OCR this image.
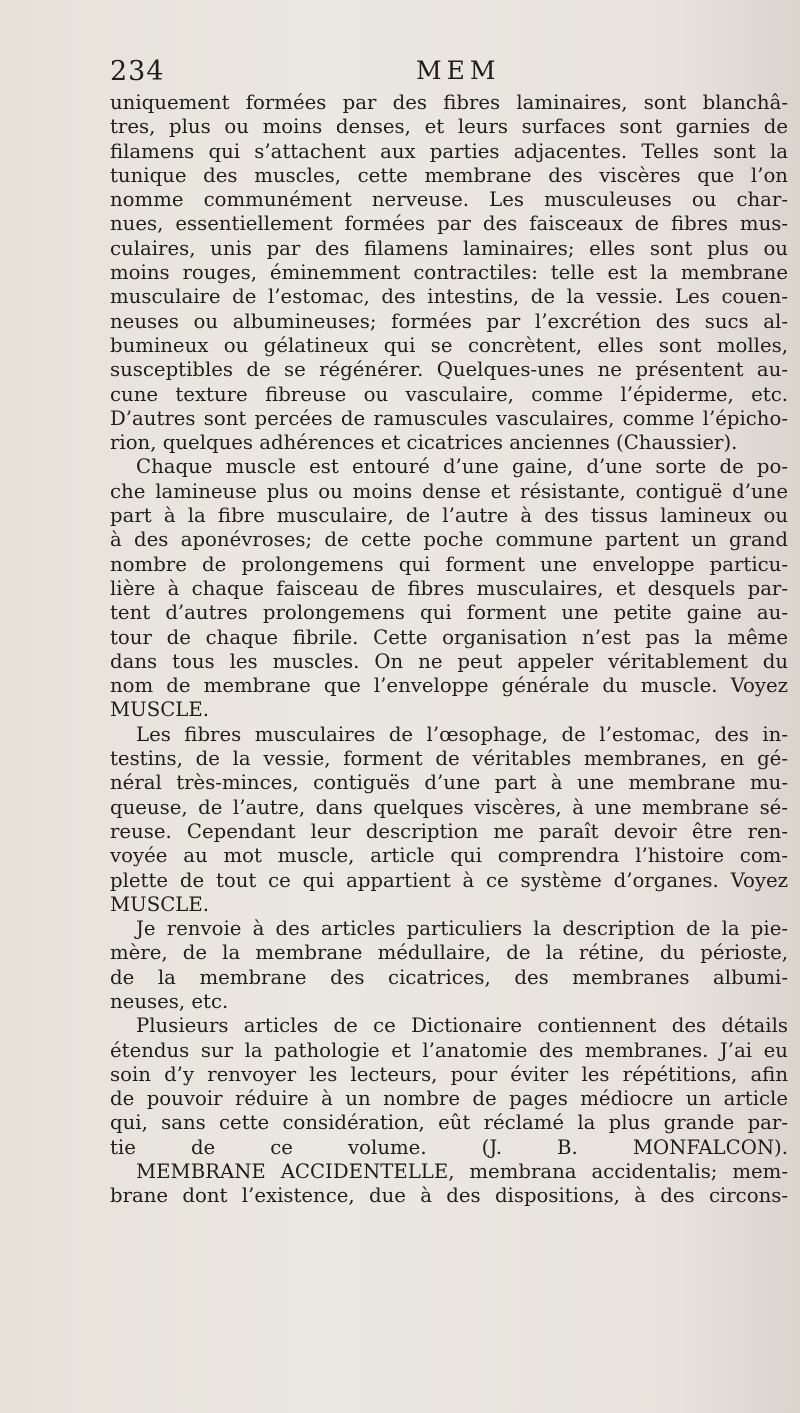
234	MEM
uniquement formées par des fibres laminaires, sont blanchâ-
tres, plus ou moins denses, et leurs surfaces sont garnies de
filamens qui s’attachent aux parties adjacentes. Telles sont la
tunique des muscles, cette membrane des viscères que l’on
nomme communément nerveuse. Les musculeuses ou char-
nues, essentiellement formées par des faisceaux de fibres mus-
culaires, unis par des filamens laminaires; elles sont plus ou
moins rouges, éminemment contractiles: telle est la membrane
musculaire de l’estomac, des intestins, de la vessie. Les couen-
neuses ou albumineuses; formées par l’excrétion des sucs al-
bumineux ou gélatineux qui se concrètent, elles sont molles,
susceptibles de se régénérer. Quelques-unes ne présentent au-
cune texture fibreuse ou vasculaire, comme l’épiderme, etc.
D’autres sont percées de ramuscules vasculaires, comme l’épicho-
rion, quelques adhérences et cicatrices anciennes (Chaussier).
Chaque muscle est entouré d’une gaine, d’une sorte de po-
che lamineuse plus ou moins dense et résistante, contiguë d’une
part à la fibre musculaire, de l’autre à des tissus lamineux ou
à des aponévroses; de cette poche commune partent un grand
nombre de prolongemens qui forment une enveloppe particu-
lière à chaque faisceau de fibres musculaires, et desquels par-
tent d’autres prolongemens qui forment une petite gaine au-
tour de chaque fibrile. Cette organisation n’est pas la même
dans tous les muscles. On ne peut appeler véritablement du
nom de membrane que l’enveloppe générale du muscle. Voyez
MUSCLE.
Les fibres musculaires de l’œsophage, de l’estomac, des in-
testins, de la vessie, forment de véritables membranes, en gé-
néral très-minces, contiguës d’une part à une membrane mu-
queuse, de l’autre, dans quelques viscères, à une membrane sé-
reuse. Cependant leur description me paraît devoir être ren-
voyée au mot muscle, article qui comprendra l’histoire com-
plette de tout ce qui appartient à ce système d’organes. Voyez
MUSCLE.
Je renvoie à des articles particuliers la description de la pie-
mère, de la membrane médullaire, de la rétine, du périoste,
de la membrane des cicatrices, des membranes albumi-
neuses, etc.
Plusieurs articles de ce Dictionaire contiennent des détails
étendus sur la pathologie et l’anatomie des membranes. J’ai eu
soin d’y renvoyer les lecteurs, pour éviter les répétitions, afin
de pouvoir réduire à un nombre de pages médiocre un article
qui, sans cette considération, eût réclamé la plus grande par-
tie de ce volume. (J. B. MONFALCON).
MEMBRANE ACCIDENTELLE, membrana accidentalis; mem-
brane dont l’existence, due à des dispositions, à des circons-
